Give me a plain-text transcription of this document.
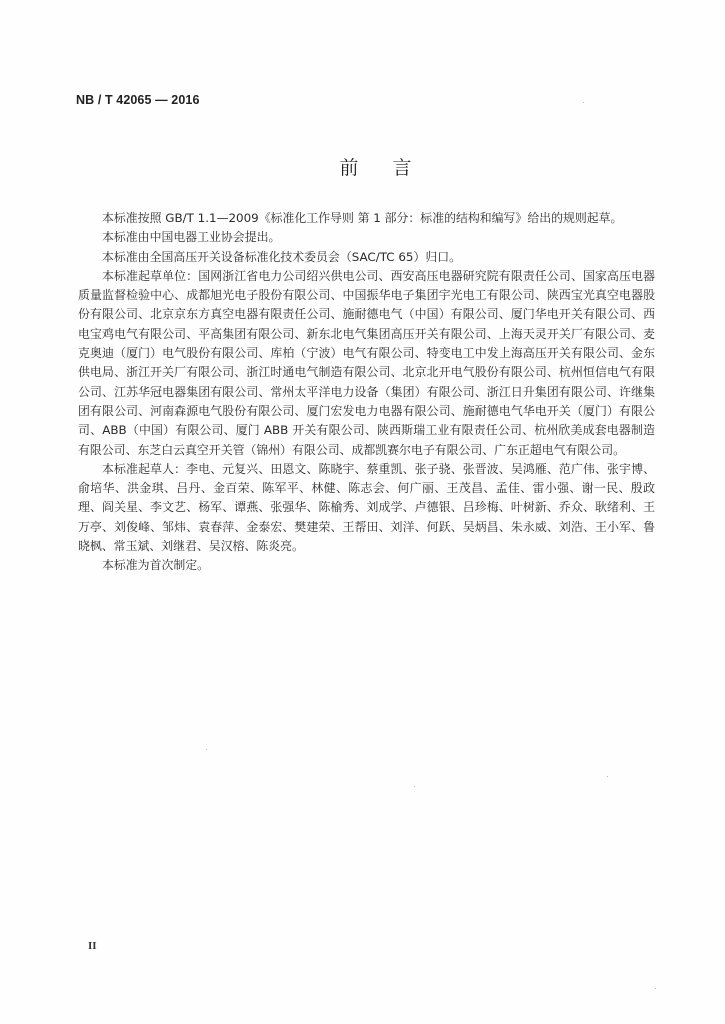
NB / T 42065 — 2016
前言

本标准按照 GB/T 1.1—2009《标准化工作导则 第 1 部分：标准的结构和编写》给出的规则起草。

本标准由中国电器工业协会提出。

本标准由全国高压开关设备标准化技术委员会（SAC/TC 65）归口。

本标准起草单位：国网浙江省电力公司绍兴供电公司、西安高压电器研究院有限责任公司、国家高压电器质量监督检验中心、成都旭光电子股份有限公司、中国振华电子集团宇光电工有限公司、陕西宝光真空电器股份有限公司、北京京东方真空电器有限责任公司、施耐德电气（中国）有限公司、厦门华电开关有限公司、西电宝鸡电气有限公司、平高集团有限公司、新东北电气集团高压开关有限公司、上海天灵开关厂有限公司、麦克奥迪（厦门）电气股份有限公司、库柏（宁波）电气有限公司、特变电工中发上海高压开关有限公司、金东供电局、浙江开关厂有限公司、浙江时通电气制造有限公司、北京北开电气股份有限公司、杭州恒信电气有限公司、江苏华冠电器集团有限公司、常州太平洋电力设备（集团）有限公司、浙江日升集团有限公司、许继集团有限公司、河南森源电气股份有限公司、厦门宏发电力电器有限公司、施耐德电气华电开关（厦门）有限公司、ABB（中国）有限公司、厦门 ABB 开关有限公司、陕西斯瑞工业有限责任公司、杭州欣美成套电器制造有限公司、东芝白云真空开关管（锦州）有限公司、成都凯赛尔电子有限公司、广东正超电气有限公司。

本标准起草人：李电、元复兴、田恩文、陈晓宇、蔡重凯、张子骁、张晋波、吴鸿雁、范广伟、张宇博、俞培华、洪金琪、吕丹、金百荣、陈军平、林健、陈志会、何广丽、王茂昌、孟佳、雷小强、谢一民、殷政理、阎关星、李文艺、杨军、谭燕、张强华、陈榆秀、刘成学、卢德银、吕珍梅、叶树新、乔众、耿绪利、王万亭、刘俊峰、邹炜、袁春萍、金泰宏、樊建荣、王帮田、刘洋、何跃、吴炳昌、朱永威、刘浩、王小军、鲁晓枫、常玉斌、刘继君、吴汉榕、陈炎亮。

本标准为首次制定。

II
